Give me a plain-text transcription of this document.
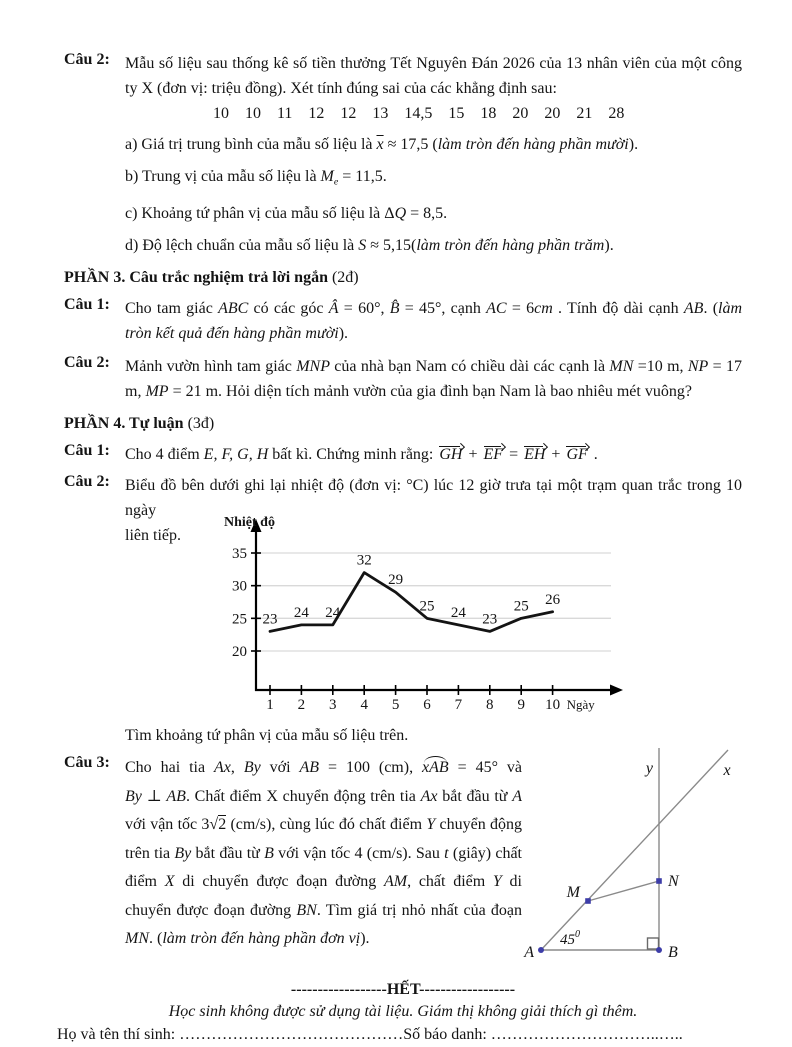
Câu 2: Mẫu số liệu sau thống kê số tiền thưởng Tết Nguyên Đán 2026 của 13 nhân viên của một công ty X (đơn vị: triệu đồng). Xét tính đúng sai của các khẳng định sau:
10 10 11 12 12 13 14,5 15 18 20 20 21 28
a) Giá trị trung bình của mẫu số liệu là $\overline{x} \approx 17,5$ (làm tròn đến hàng phần mười).
b) Trung vị của mẫu số liệu là $M_e = 11,5$.
c) Khoảng tứ phân vị của mẫu số liệu là ΔQ = 8,5.
d) Độ lệch chuẩn của mẫu số liệu là S ≈ 5,15(làm tròn đến hàng phần trăm).
PHẦN 3. Câu trắc nghiệm trả lời ngắn (2đ)
Câu 1: Cho tam giác ABC có các góc Â = 60°, B̂ = 45°, cạnh AC = 6cm . Tính độ dài cạnh AB. (làm tròn kết quả đến hàng phần mười).
Câu 2: Mảnh vườn hình tam giác MNP của nhà bạn Nam có chiều dài các cạnh là MN =10 m, NP = 17 m, MP = 21 m. Hỏi diện tích mảnh vườn của gia đình bạn Nam là bao nhiêu mét vuông?
PHẦN 4. Tự luận (3đ)
Câu 1: Cho 4 điểm E, F, G, H bất kì. Chứng minh rằng: GH + EF = EH + GF .
Câu 2: Biểu đồ bên dưới ghi lại nhiệt độ (đơn vị: °C) lúc 12 giờ trưa tại một trạm quan trắc trong 10 ngày
liên tiếp.
20
25
30
35
1 2 3 4 5 6 7 8 9 10 Ngày
Nhiệt độ
23 24 24
32
29
25 24 23
25 26
Tìm khoảng tứ phân vị của mẫu số liệu trên.
Câu 3: Cho hai tia Ax, By với AB = 100 (cm), xAB = 45° và
By ⊥ AB. Chất điểm X chuyển động trên tia Ax bắt đầu từ A
với vận tốc 3√2 (cm/s), cùng lúc đó chất điểm Y chuyển động
trên tia By bắt đầu từ B với vận tốc 4 (cm/s). Sau t (giây) chất
điểm X di chuyển được đoạn đường AM, chất điểm Y di
chuyển được đoạn đường BN. Tìm giá trị nhỏ nhất của đoạn
MN. (làm tròn đến hàng phần đơn vị).
y	x
M
N
A	B
$45^0$
------------------HẾT------------------
Học sinh không được sử dụng tài liệu. Giám thị không giải thích gì thêm.
Họ và tên thí sinh: ……………………………………Số báo danh: …………………………..…..
